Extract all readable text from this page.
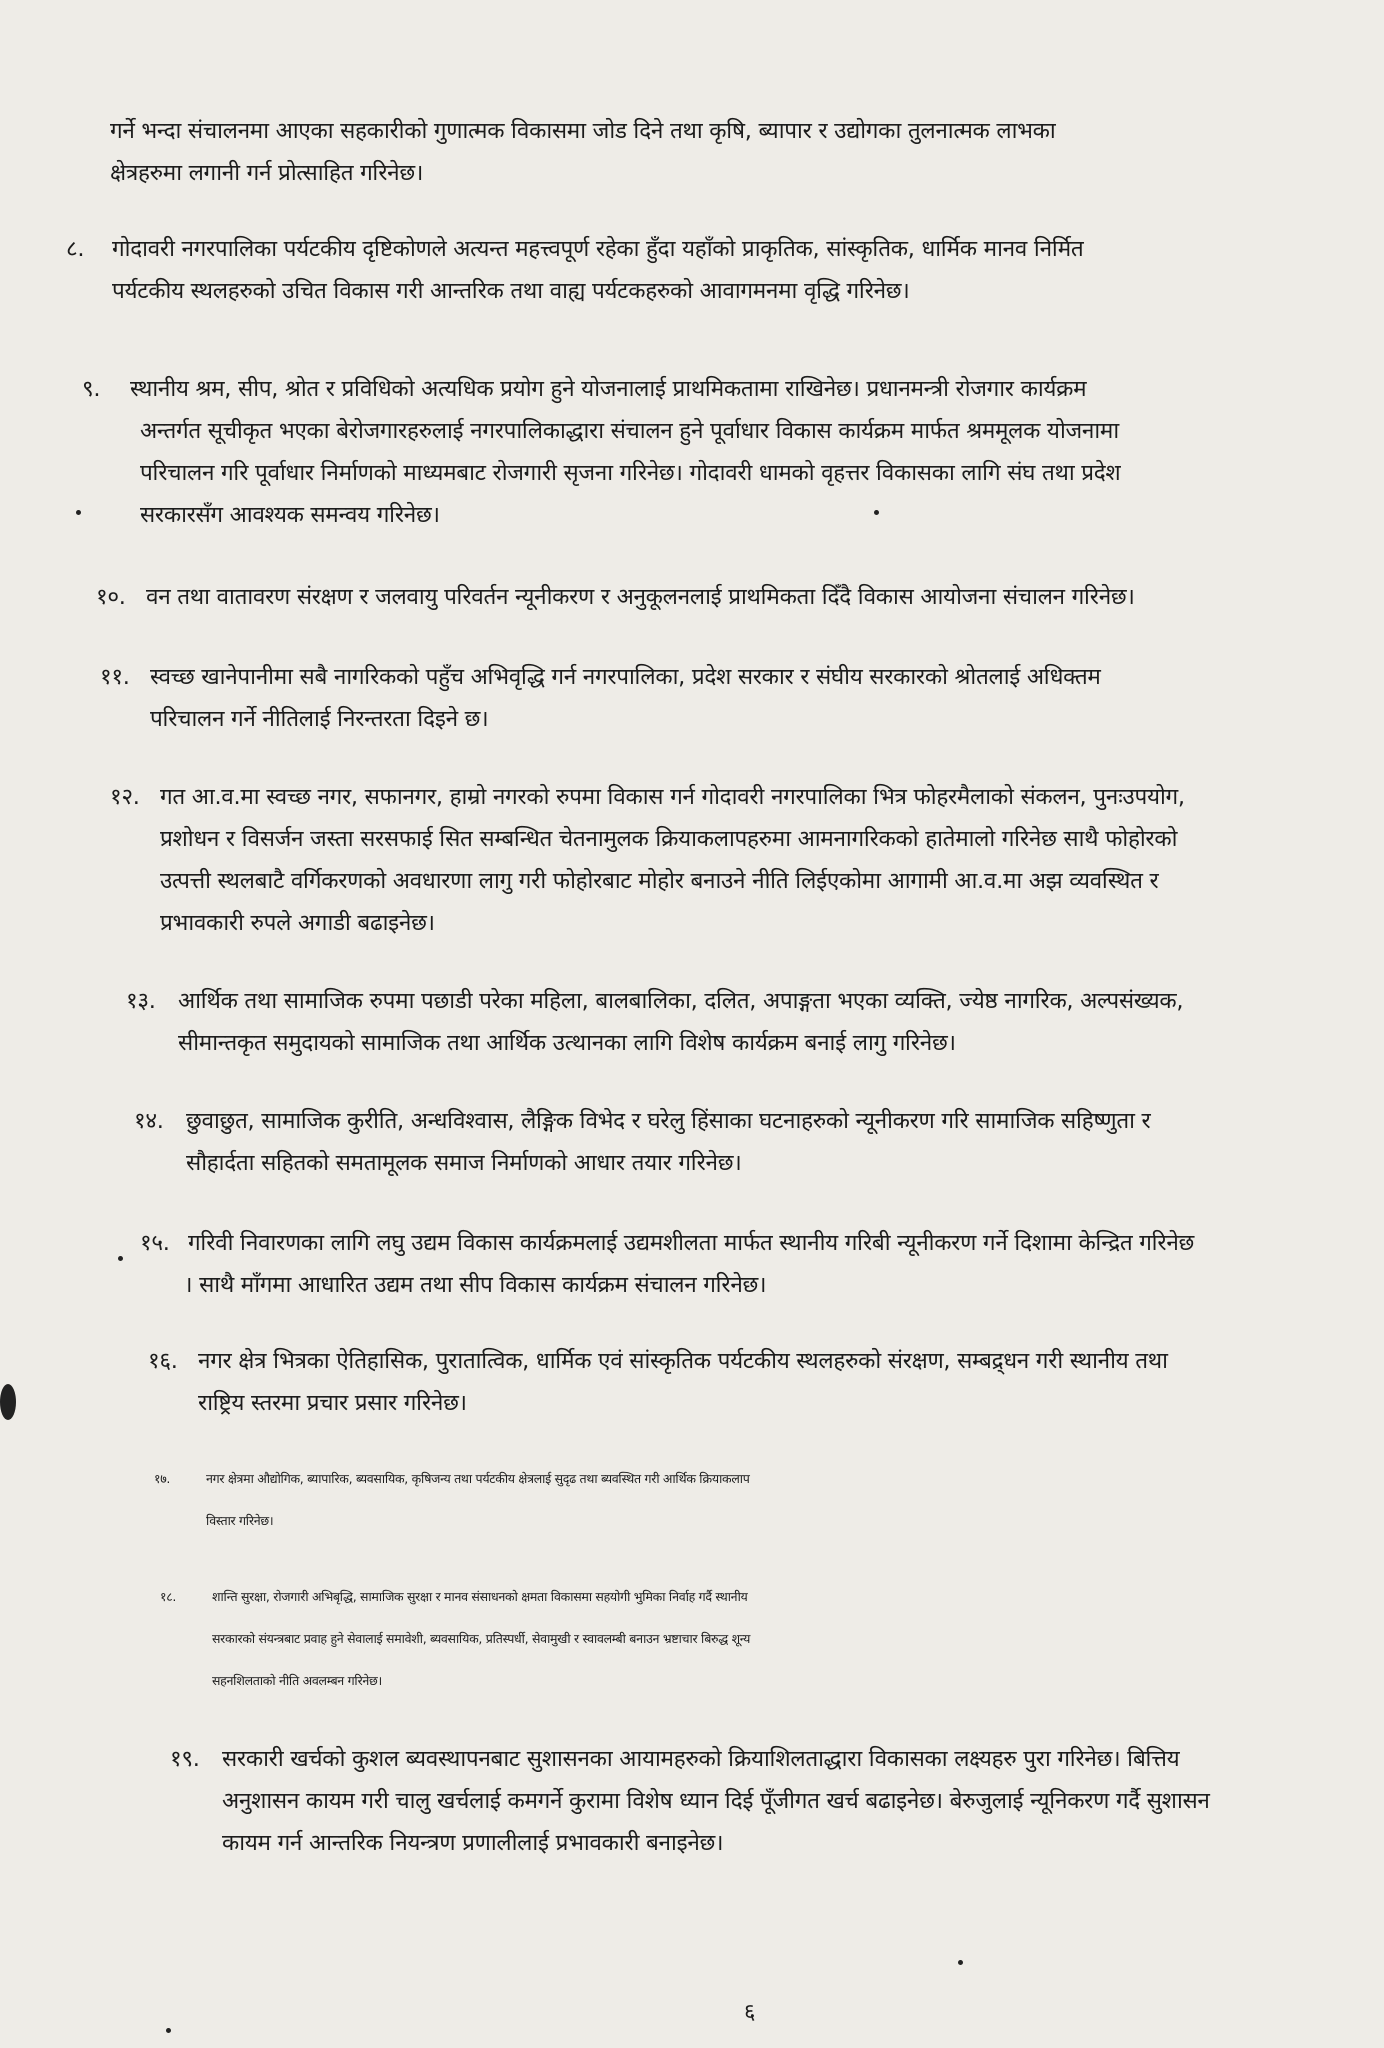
गर्ने भन्दा संचालनमा आएका सहकारीको गुणात्मक विकासमा जोड दिने तथा कृषि, ब्यापार र उद्योगका तुलनात्मक लाभका
क्षेत्रहरुमा लगानी गर्न प्रोत्साहित गरिनेछ।
८. गोदावरी नगरपालिका पर्यटकीय दृष्टिकोणले अत्यन्त महत्त्वपूर्ण रहेका हुँदा यहाँको प्राकृतिक, सांस्कृतिक, धार्मिक मानव निर्मित
पर्यटकीय स्थलहरुको उचित विकास गरी आन्तरिक तथा वाह्य पर्यटकहरुको आवागमनमा वृद्धि गरिनेछ।
९. स्थानीय श्रम, सीप, श्रोत र प्रविधिको अत्यधिक प्रयोग हुने योजनालाई प्राथमिकतामा राखिनेछ। प्रधानमन्त्री रोजगार कार्यक्रम
अन्तर्गत सूचीकृत भएका बेरोजगारहरुलाई नगरपालिकाद्धारा संचालन हुने पूर्वाधार विकास कार्यक्रम मार्फत श्रममूलक योजनामा
परिचालन गरि पूर्वाधार निर्माणको माध्यमबाट रोजगारी सृजना गरिनेछ। गोदावरी धामको वृहत्तर विकासका लागि संघ तथा प्रदेश
सरकारसँग आवश्यक समन्वय गरिनेछ।
१०. वन तथा वातावरण संरक्षण र जलवायु परिवर्तन न्यूनीकरण र अनुकूलनलाई प्राथमिकता दिँदै विकास आयोजना संचालन गरिनेछ।
११. स्वच्छ खानेपानीमा सबै नागरिकको पहुँच अभिवृद्धि गर्न नगरपालिका, प्रदेश सरकार र संघीय सरकारको श्रोतलाई अधिक्तम
परिचालन गर्ने नीतिलाई निरन्तरता दिइने छ।
१२. गत आ.व.मा स्वच्छ नगर, सफानगर, हाम्रो नगरको रुपमा विकास गर्न गोदावरी नगरपालिका भित्र फोहरमैलाको संकलन, पुनःउपयोग,
प्रशोधन र विसर्जन जस्ता सरसफाई सित सम्बन्धित चेतनामुलक क्रियाकलापहरुमा आमनागरिकको हातेमालो गरिनेछ साथै फोहोरको
उत्पत्ती स्थलबाटै वर्गिकरणको अवधारणा लागु गरी फोहोरबाट मोहोर बनाउने नीति लिईएकोमा आगामी आ.व.मा अझ व्यवस्थित र
प्रभावकारी रुपले अगाडी बढाइनेछ।
१३. आर्थिक तथा सामाजिक रुपमा पछाडी परेका महिला, बालबालिका, दलित, अपाङ्गता भएका व्यक्ति, ज्येष्ठ नागरिक, अल्पसंख्यक,
सीमान्तकृत समुदायको सामाजिक तथा आर्थिक उत्थानका लागि विशेष कार्यक्रम बनाई लागु गरिनेछ।
१४. छुवाछुत, सामाजिक कुरीति, अन्धविश्वास, लैङ्गिक विभेद र घरेलु हिंसाका घटनाहरुको न्यूनीकरण गरि सामाजिक सहिष्णुता र
सौहार्दता सहितको समतामूलक समाज निर्माणको आधार तयार गरिनेछ।
१५. गरिवी निवारणका लागि लघु उद्यम विकास कार्यक्रमलाई उद्यमशीलता मार्फत स्थानीय गरिबी न्यूनीकरण गर्ने दिशामा केन्द्रित गरिनेछ
। साथै माँगमा आधारित उद्यम तथा सीप विकास कार्यक्रम संचालन गरिनेछ।
१६. नगर क्षेत्र भित्रका ऐतिहासिक, पुरातात्विक, धार्मिक एवं सांस्कृतिक पर्यटकीय स्थलहरुको संरक्षण, सम्बद्र्धन गरी स्थानीय तथा
राष्ट्रिय स्तरमा प्रचार प्रसार गरिनेछ।
१७.	नगर क्षेत्रमा औद्योगिक, ब्यापारिक, ब्यवसायिक, कृषिजन्य तथा पर्यटकीय क्षेत्रलाई सुदृढ तथा ब्यवस्थित गरी आर्थिक क्रियाकलाप
विस्तार गरिनेछ।
१८.	शान्ति सुरक्षा, रोजगारी अभिबृद्धि, सामाजिक सुरक्षा र मानव संसाधनको क्षमता विकासमा सहयोगी भुमिका निर्वाह गर्दै स्थानीय
सरकारको संयन्त्रबाट प्रवाह हुने सेवालाई समावेशी, ब्यवसायिक, प्रतिस्पर्धी, सेवामुखी र स्वावलम्बी बनाउन भ्रष्टाचार बिरुद्ध शून्य
सहनशिलताको नीति अवलम्बन गरिनेछ।
१९. सरकारी खर्चको कुशल ब्यवस्थापनबाट सुशासनका आयामहरुको क्रियाशिलताद्धारा विकासका लक्ष्यहरु पुरा गरिनेछ। बित्तिय
अनुशासन कायम गरी चालु खर्चलाई कमगर्ने कुरामा विशेष ध्यान दिई पूँजीगत खर्च बढाइनेछ। बेरुजुलाई न्यूनिकरण गर्दै सुशासन
कायम गर्न आन्तरिक नियन्त्रण प्रणालीलाई प्रभावकारी बनाइनेछ।
६
